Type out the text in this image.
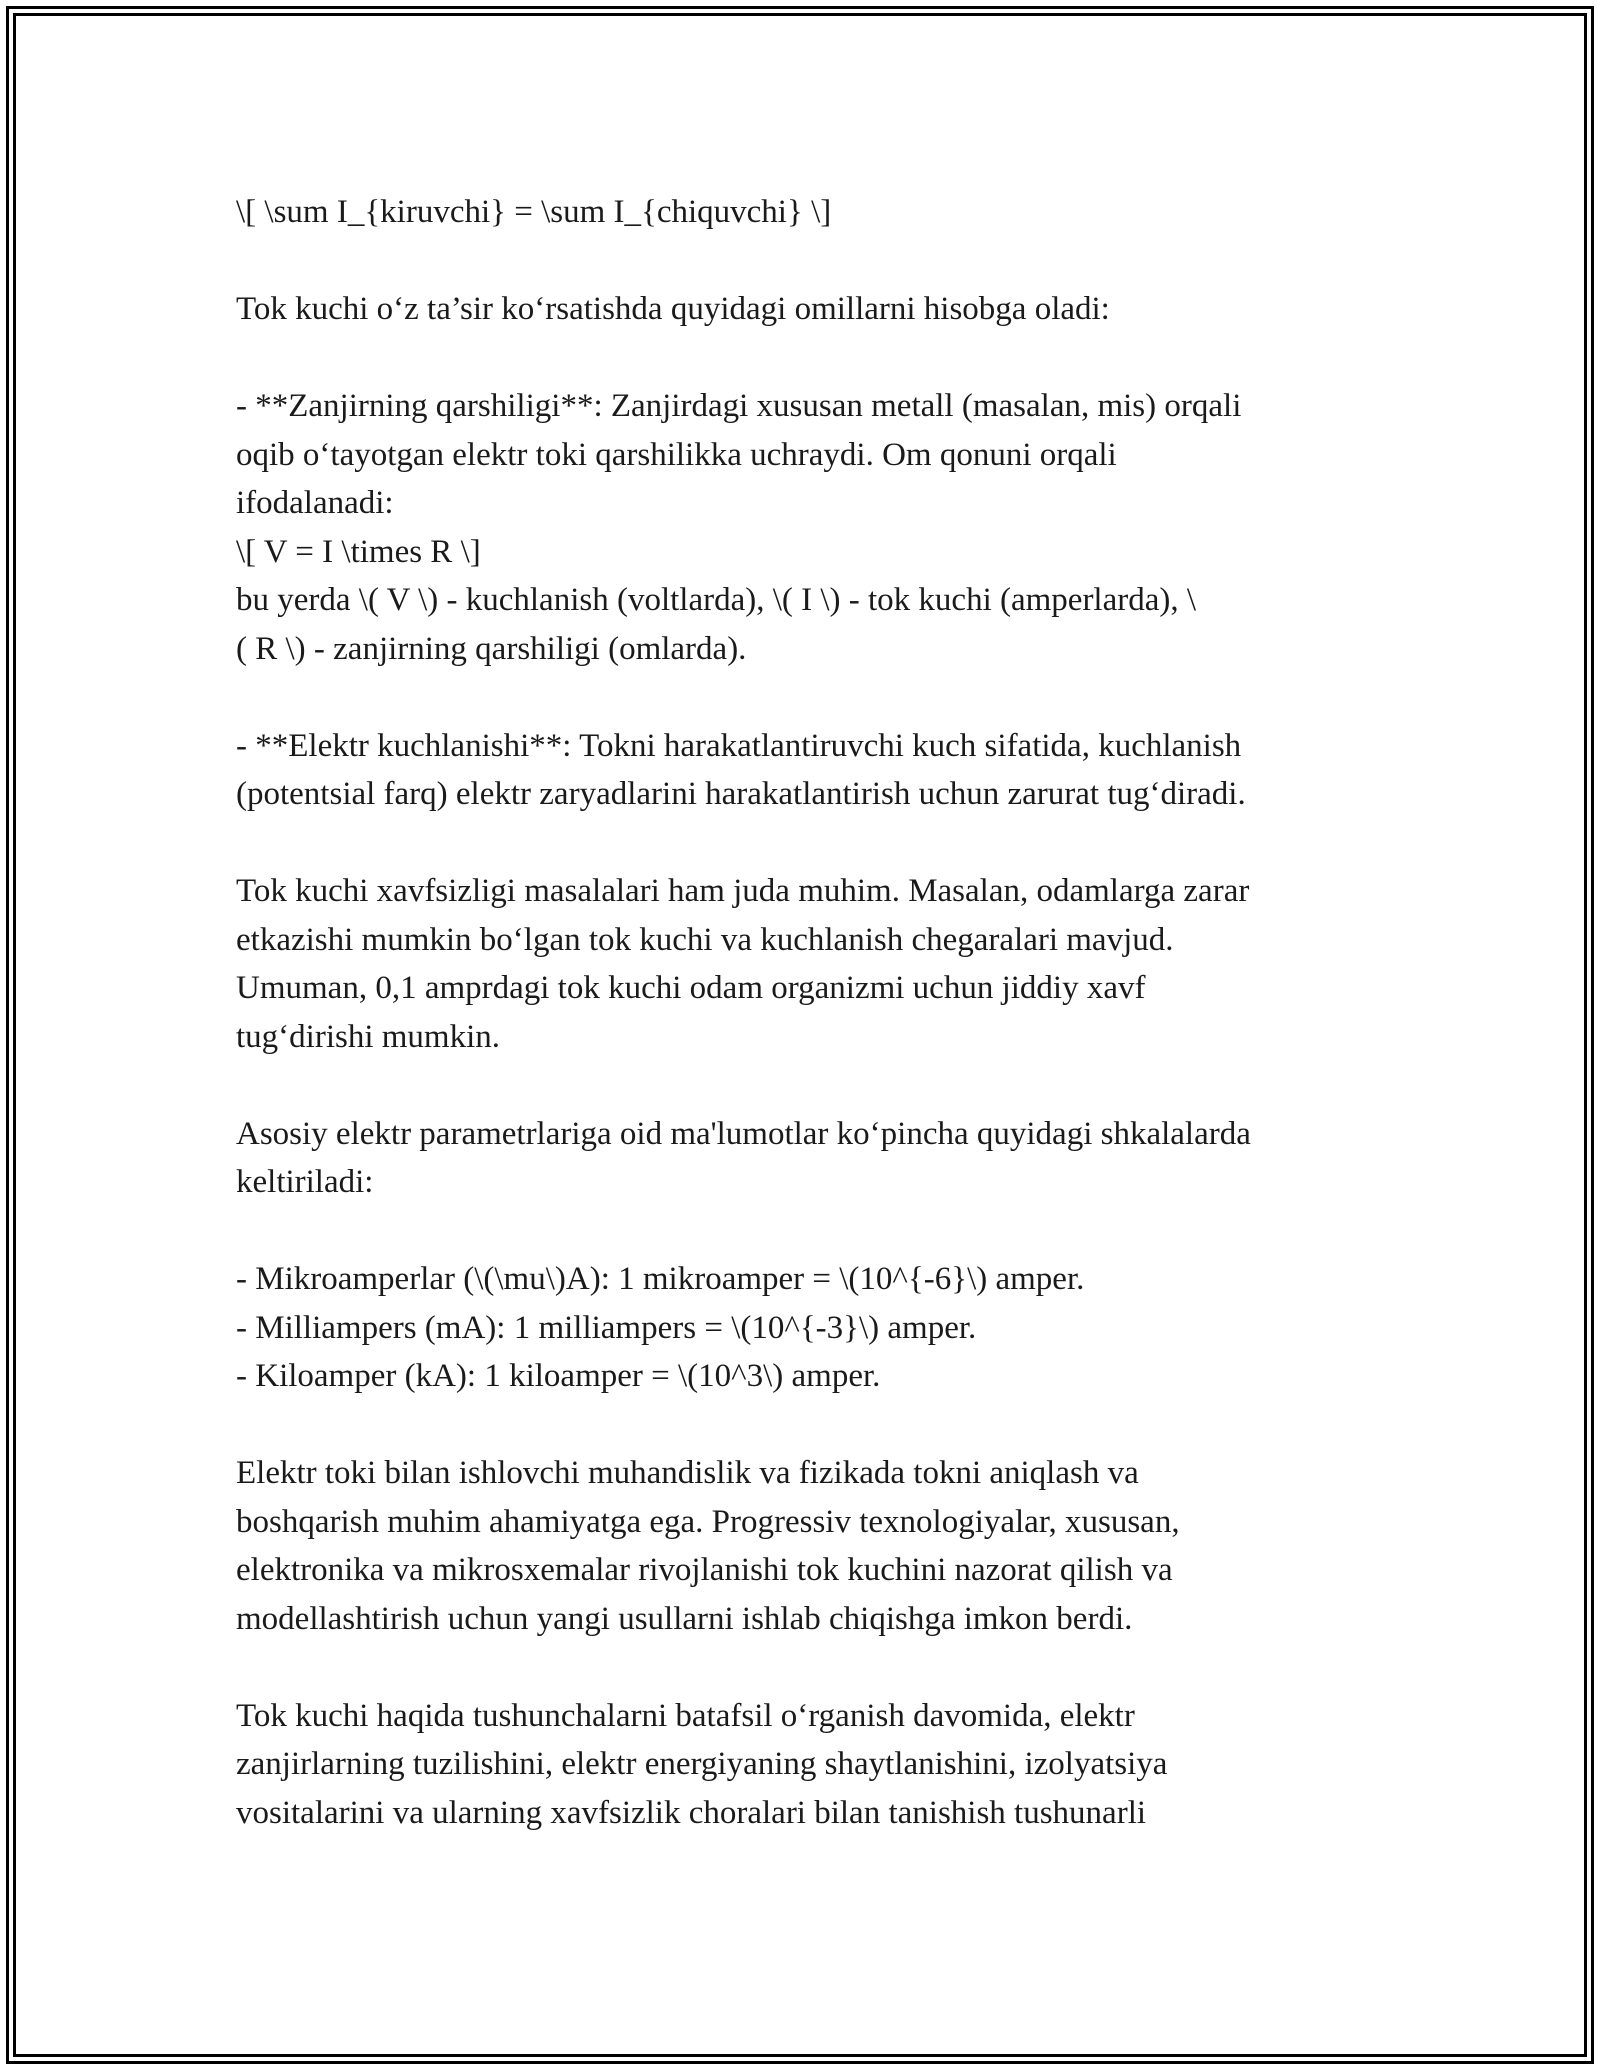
\[ \sum I_{kiruvchi} = \sum I_{chiquvchi} \]
Tok kuchi o‘z ta’sir ko‘rsatishda quyidagi omillarni hisobga oladi:
- **Zanjirning qarshiligi**: Zanjirdagi xususan metall (masalan, mis) orqali
oqib o‘tayotgan elektr toki qarshilikka uchraydi. Om qonuni orqali
ifodalanadi:
\[ V = I \times R \]
bu yerda \( V \) - kuchlanish (voltlarda), \( I \) - tok kuchi (amperlarda), \
( R \) - zanjirning qarshiligi (omlarda).
- **Elektr kuchlanishi**: Tokni harakatlantiruvchi kuch sifatida, kuchlanish
(potentsial farq) elektr zaryadlarini harakatlantirish uchun zarurat tug‘diradi.
Tok kuchi xavfsizligi masalalari ham juda muhim. Masalan, odamlarga zarar
etkazishi mumkin bo‘lgan tok kuchi va kuchlanish chegaralari mavjud.
Umuman, 0,1 amprdagi tok kuchi odam organizmi uchun jiddiy xavf
tug‘dirishi mumkin.
Asosiy elektr parametrlariga oid ma'lumotlar ko‘pincha quyidagi shkalalarda
keltiriladi:
- Mikroamperlar (\(\mu\)A): 1 mikroamper = \(10^{-6}\) amper.
- Milliampers (mA): 1 milliampers = \(10^{-3}\) amper.
- Kiloamper (kA): 1 kiloamper = \(10^3\) amper.
Elektr toki bilan ishlovchi muhandislik va fizikada tokni aniqlash va
boshqarish muhim ahamiyatga ega. Progressiv texnologiyalar, xususan,
elektronika va mikrosxemalar rivojlanishi tok kuchini nazorat qilish va
modellashtirish uchun yangi usullarni ishlab chiqishga imkon berdi.
Tok kuchi haqida tushunchalarni batafsil o‘rganish davomida, elektr
zanjirlarning tuzilishini, elektr energiyaning shaytlanishini, izolyatsiya
vositalarini va ularning xavfsizlik choralari bilan tanishish tushunarli
